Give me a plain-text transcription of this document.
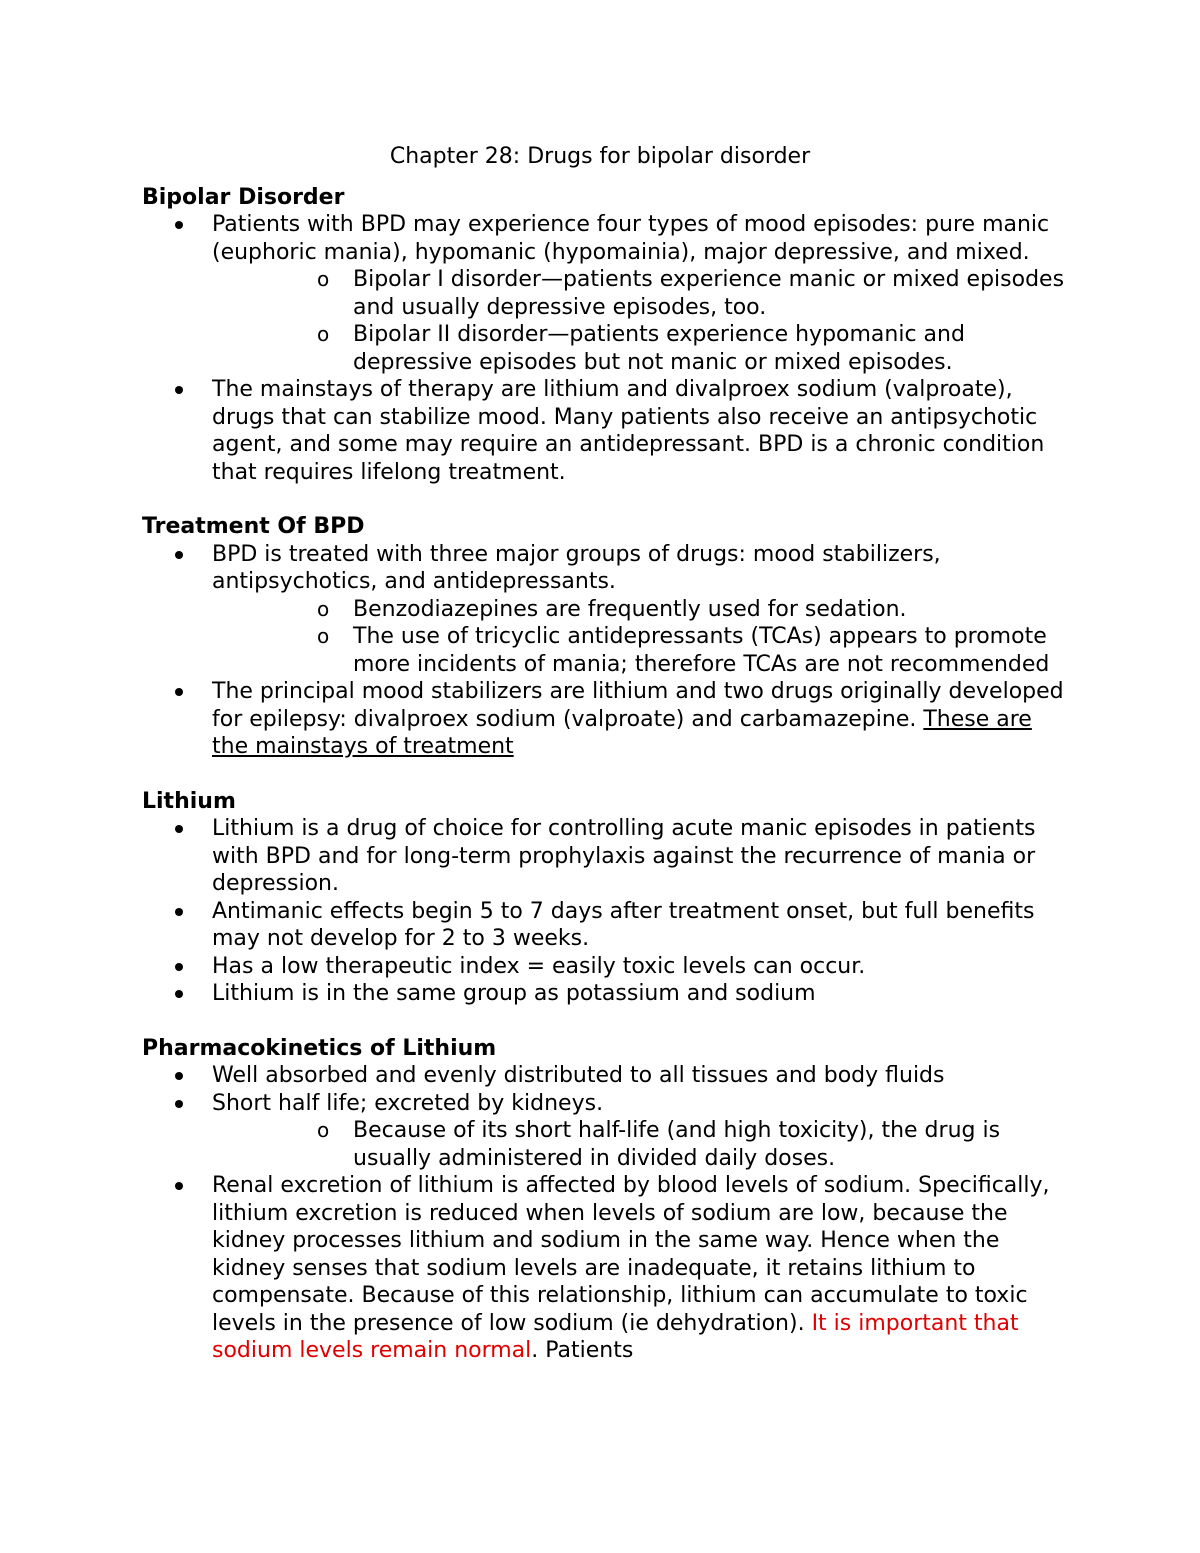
Chapter 28: Drugs for bipolar disorder

Bipolar Disorder

Patients with BPD may experience four types of mood episodes: pure manic (euphoric mania), hypomanic (hypomainia), major depressive, and mixed.
o Bipolar I disorder—patients experience manic or mixed episodes and usually depressive episodes, too.
o Bipolar II disorder—patients experience hypomanic and depressive episodes but not manic or mixed episodes.
The mainstays of therapy are lithium and divalproex sodium (valproate), drugs that can stabilize mood. Many patients also receive an antipsychotic agent, and some may require an antidepressant. BPD is a chronic condition that requires lifelong treatment.

Treatment Of BPD

BPD is treated with three major groups of drugs: mood stabilizers, antipsychotics, and antidepressants.
o Benzodiazepines are frequently used for sedation.
o The use of tricyclic antidepressants (TCAs) appears to promote more incidents of mania; therefore TCAs are not recommended
The principal mood stabilizers are lithium and two drugs originally developed for epilepsy: divalproex sodium (valproate) and carbamazepine. These are the mainstays of treatment

Lithium

Lithium is a drug of choice for controlling acute manic episodes in patients with BPD and for long-term prophylaxis against the recurrence of mania or depression.
Antimanic effects begin 5 to 7 days after treatment onset, but full benefits may not develop for 2 to 3 weeks.
Has a low therapeutic index = easily toxic levels can occur.
Lithium is in the same group as potassium and sodium

Pharmacokinetics of Lithium

Well absorbed and evenly distributed to all tissues and body fluids
Short half life; excreted by kidneys.
o Because of its short half-life (and high toxicity), the drug is usually administered in divided daily doses.
Renal excretion of lithium is affected by blood levels of sodium. Specifically, lithium excretion is reduced when levels of sodium are low, because the kidney processes lithium and sodium in the same way. Hence when the kidney senses that sodium levels are inadequate, it retains lithium to compensate. Because of this relationship, lithium can accumulate to toxic levels in the presence of low sodium (ie dehydration). It is important that sodium levels remain normal. Patients
